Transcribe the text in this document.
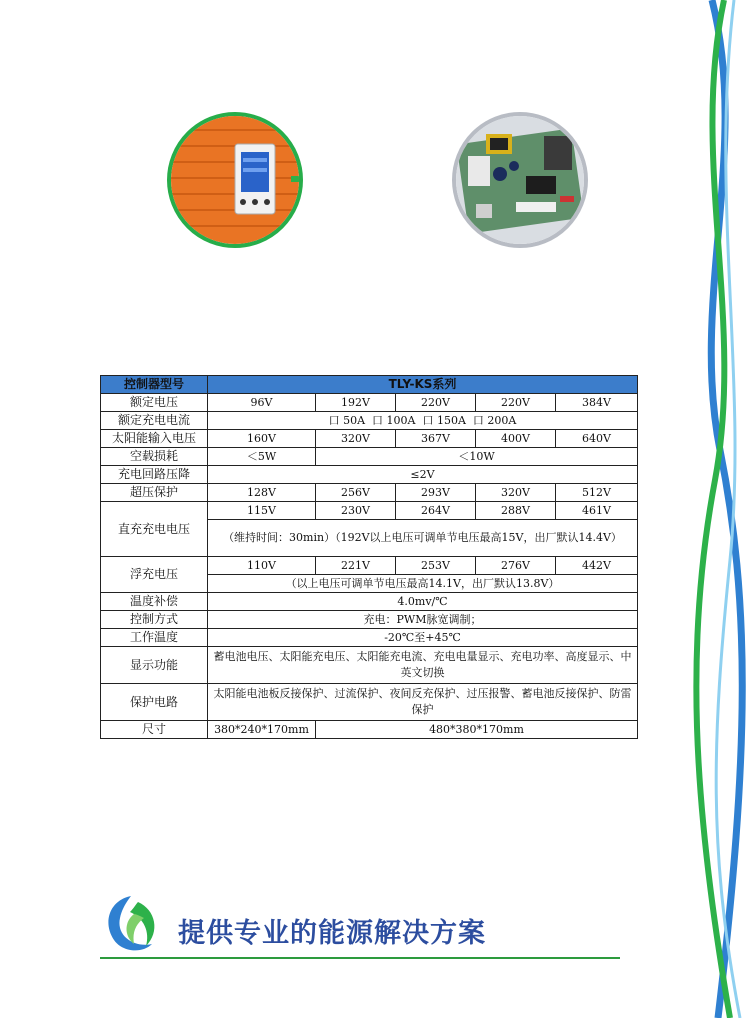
控制器型号	TLY-KS系列				
额定电压	96V	192V	220V	220V	384V
额定充电电流	口 50A  口 100A  口 150A  口 200A				
太阳能输入电压	160V	320V	367V	400V	640V
空载损耗	＜5W	＜10W			
充电回路压降	≤2V				
超压保护	128V	256V	293V	320V	512V
直充充电电压	115V	230V	264V	288V	461V
	（维持时间：30min）（192V以上电压可调单节电压最高15V，出厂默认14.4V）				
浮充电压	110V	221V	253V	276V	442V
	（以上电压可调单节电压最高14.1V，出厂默认13.8V）				
温度补偿	4.0mv/℃				
控制方式	充电：PWM脉宽调制；				
工作温度	-20℃至+45℃				
显示功能	蓄电池电压、太阳能充电压、太阳能充电流、充电电量显示、充电功率、高度显示、中英文切换				
保护电路	太阳能电池板反接保护、过流保护、夜间反充保护、过压报警、蓄电池反接保护、防雷保护				
尺寸	380*240*170mm	480*380*170mm			
提供专业的能源解决方案
